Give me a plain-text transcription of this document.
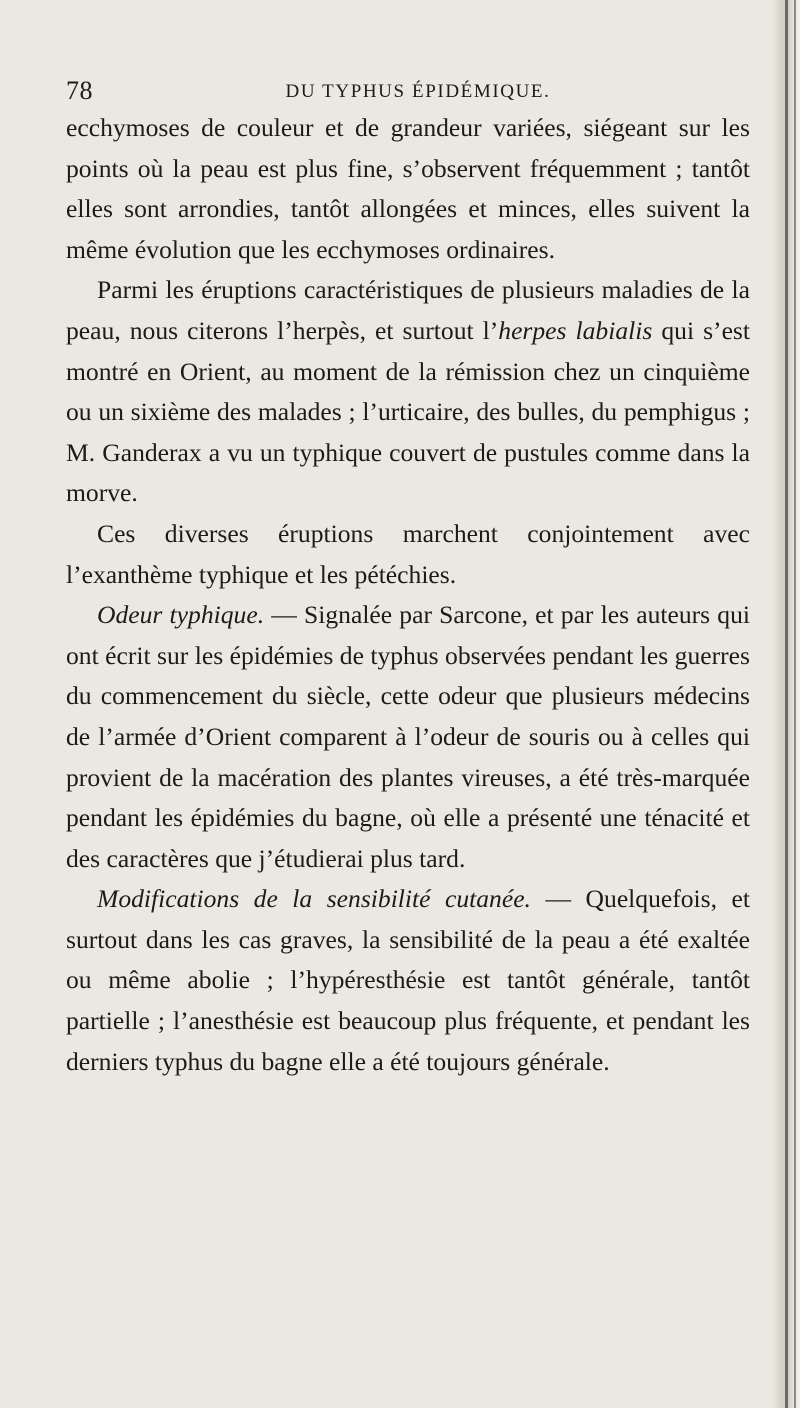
78	DU TYPHUS ÉPIDÉMIQUE.

ecchymoses de couleur et de grandeur variées, siégeant sur les points où la peau est plus fine, s’observent fréquemment ; tantôt elles sont arrondies, tantôt allongées et minces, elles suivent la même évolution que les ecchymoses ordinaires.

Parmi les éruptions caractéristiques de plusieurs maladies de la peau, nous citerons l’herpès, et surtout l’herpes labialis qui s’est montré en Orient, au moment de la rémission chez un cinquième ou un sixième des malades ; l’urticaire, des bulles, du pemphigus ; M. Ganderax a vu un typhique couvert de pustules comme dans la morve.

Ces diverses éruptions marchent conjointement avec l’exanthème typhique et les pétéchies.

Odeur typhique. — Signalée par Sarcone, et par les auteurs qui ont écrit sur les épidémies de typhus observées pendant les guerres du commencement du siècle, cette odeur que plusieurs médecins de l’armée d’Orient comparent à l’odeur de souris ou à celles qui provient de la macération des plantes vireuses, a été très-marquée pendant les épidémies du bagne, où elle a présenté une ténacité et des caractères que j’étudierai plus tard.

Modifications de la sensibilité cutanée. — Quelquefois, et surtout dans les cas graves, la sensibilité de la peau a été exaltée ou même abolie ; l’hypéresthésie est tantôt générale, tantôt partielle ; l’anesthésie est beaucoup plus fréquente, et pendant les derniers typhus du bagne elle a été toujours générale.
